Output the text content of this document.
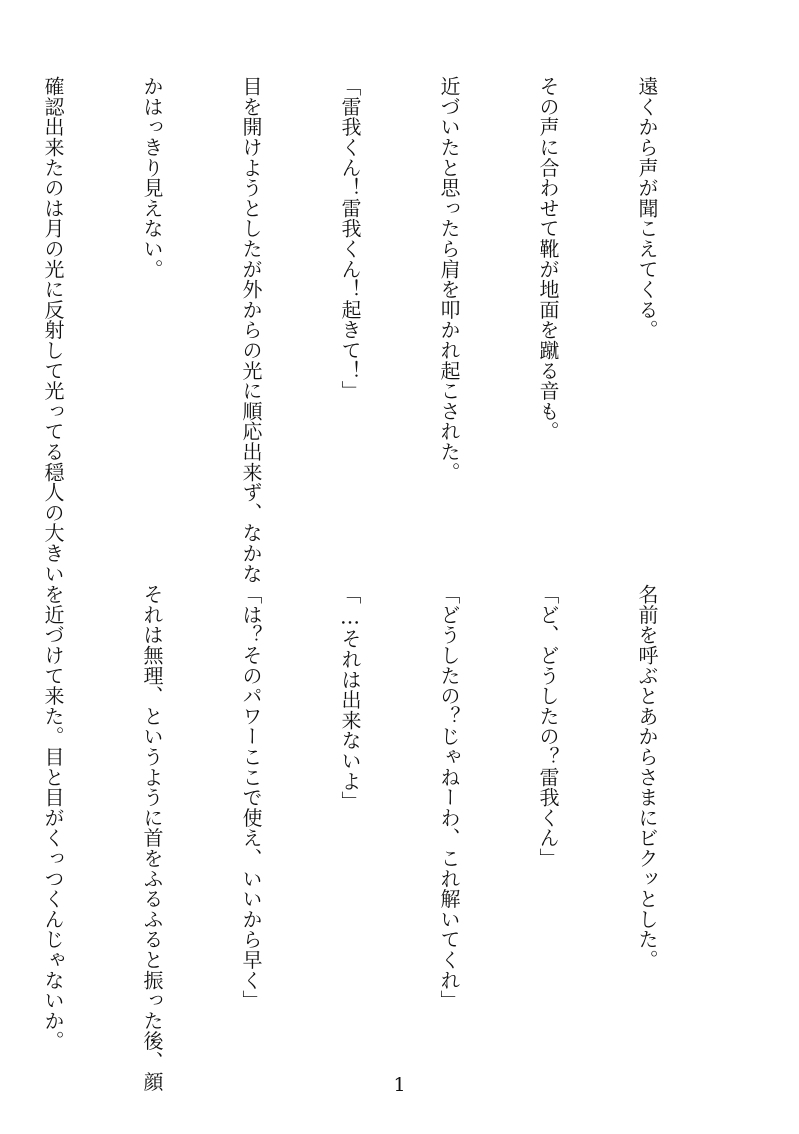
遠くから声が聞こえてくる。

その声に合わせて靴が地面を蹴る音も。

近づいたと思ったら肩を叩かれ起こされた。

「雷我くん！雷我くん！起きて！」

目を開けようとしたが外からの光に順応出来ず、なかな

かはっきり見えない。

確認出来たのは月の光に反射して光ってる穏人の大きい

名前を呼ぶとあからさまにビクッとした。

「ど、どうしたの？雷我くん」

「どうしたの？じゃねーわ、これ解いてくれ」

「…それは出来ないよ」

「は？そのパワーここで使え、いいから早く」

それは無理、というように首をふるふると振った後、顔

を近づけて来た。目と目がくっつくんじゃないか。

1
